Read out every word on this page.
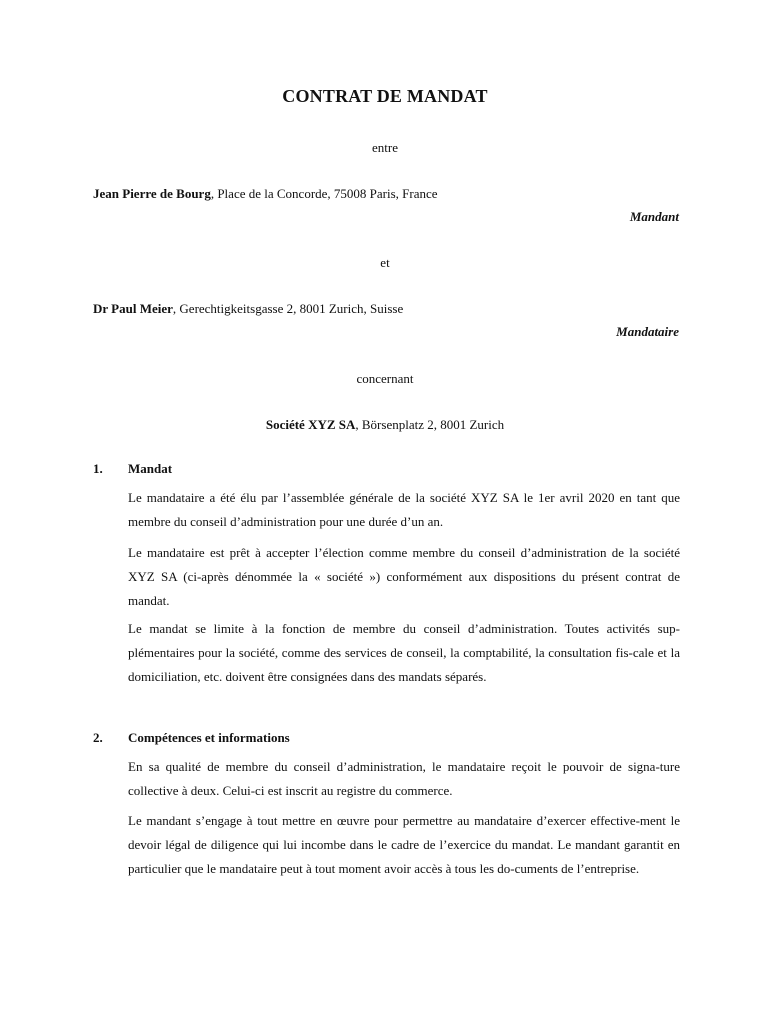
CONTRAT DE MANDAT
entre
Jean Pierre de Bourg, Place de la Concorde, 75008 Paris, France
Mandant
et
Dr Paul Meier, Gerechtigkeitsgasse 2, 8001 Zurich, Suisse
Mandataire
concernant
Société XYZ SA, Börsenplatz 2, 8001 Zurich
1. Mandat
Le mandataire a été élu par l’assemblée générale de la société XYZ SA le 1er avril 2020 en tant que membre du conseil d’administration pour une durée d’un an.
Le mandataire est prêt à accepter l’élection comme membre du conseil d’administration de la société XYZ SA (ci-après dénommée la « société ») conformément aux dispositions du présent contrat de mandat.
Le mandat se limite à la fonction de membre du conseil d’administration. Toutes activités sup-plémentaires pour la société, comme des services de conseil, la comptabilité, la consultation fis-cale et la domiciliation, etc. doivent être consignées dans des mandats séparés.
2. Compétences et informations
En sa qualité de membre du conseil d’administration, le mandataire reçoit le pouvoir de signa-ture collective à deux. Celui-ci est inscrit au registre du commerce.
Le mandant s’engage à tout mettre en œuvre pour permettre au mandataire d’exercer effective-ment le devoir légal de diligence qui lui incombe dans le cadre de l’exercice du mandat. Le mandant garantit en particulier que le mandataire peut à tout moment avoir accès à tous les do-cuments de l’entreprise.
